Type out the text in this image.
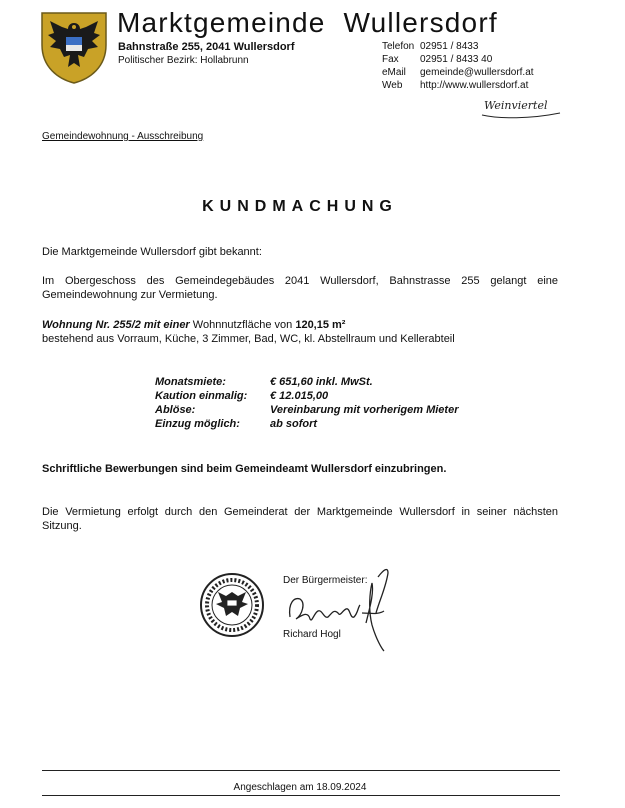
Marktgemeinde  Wullersdorf
Bahnstraße 255, 2041 Wullersdorf
Politischer Bezirk: Hollabrunn
Telefon 02951 / 8433
Fax 02951 / 8433 40
eMail gemeinde@wullersdorf.at
Web http://www.wullersdorf.at
Weinviertel
Gemeindewohnung - Ausschreibung
KUNDMACHUNG
Die Marktgemeinde Wullersdorf gibt bekannt:
Im Obergeschoss des Gemeindegebäudes 2041 Wullersdorf, Bahnstrasse 255 gelangt eine Gemeindewohnung zur Vermietung.
Wohnung Nr. 255/2 mit einer Wohnnutzfläche von 120,15 m²
bestehend aus Vorraum, Küche, 3 Zimmer, Bad, WC, kl. Abstellraum und Kellerabteil
Monatsmiete:	€ 651,60 inkl. MwSt.
Kaution einmalig: € 12.015,00
Ablöse:	Vereinbarung mit vorherigem Mieter
Einzug möglich:	ab sofort
Schriftliche Bewerbungen sind beim Gemeindeamt Wullersdorf einzubringen.
Die Vermietung erfolgt durch den Gemeinderat der Marktgemeinde Wullersdorf in seiner nächsten Sitzung.
Der Bürgermeister:
Richard Hogl
Angeschlagen am 18.09.2024
